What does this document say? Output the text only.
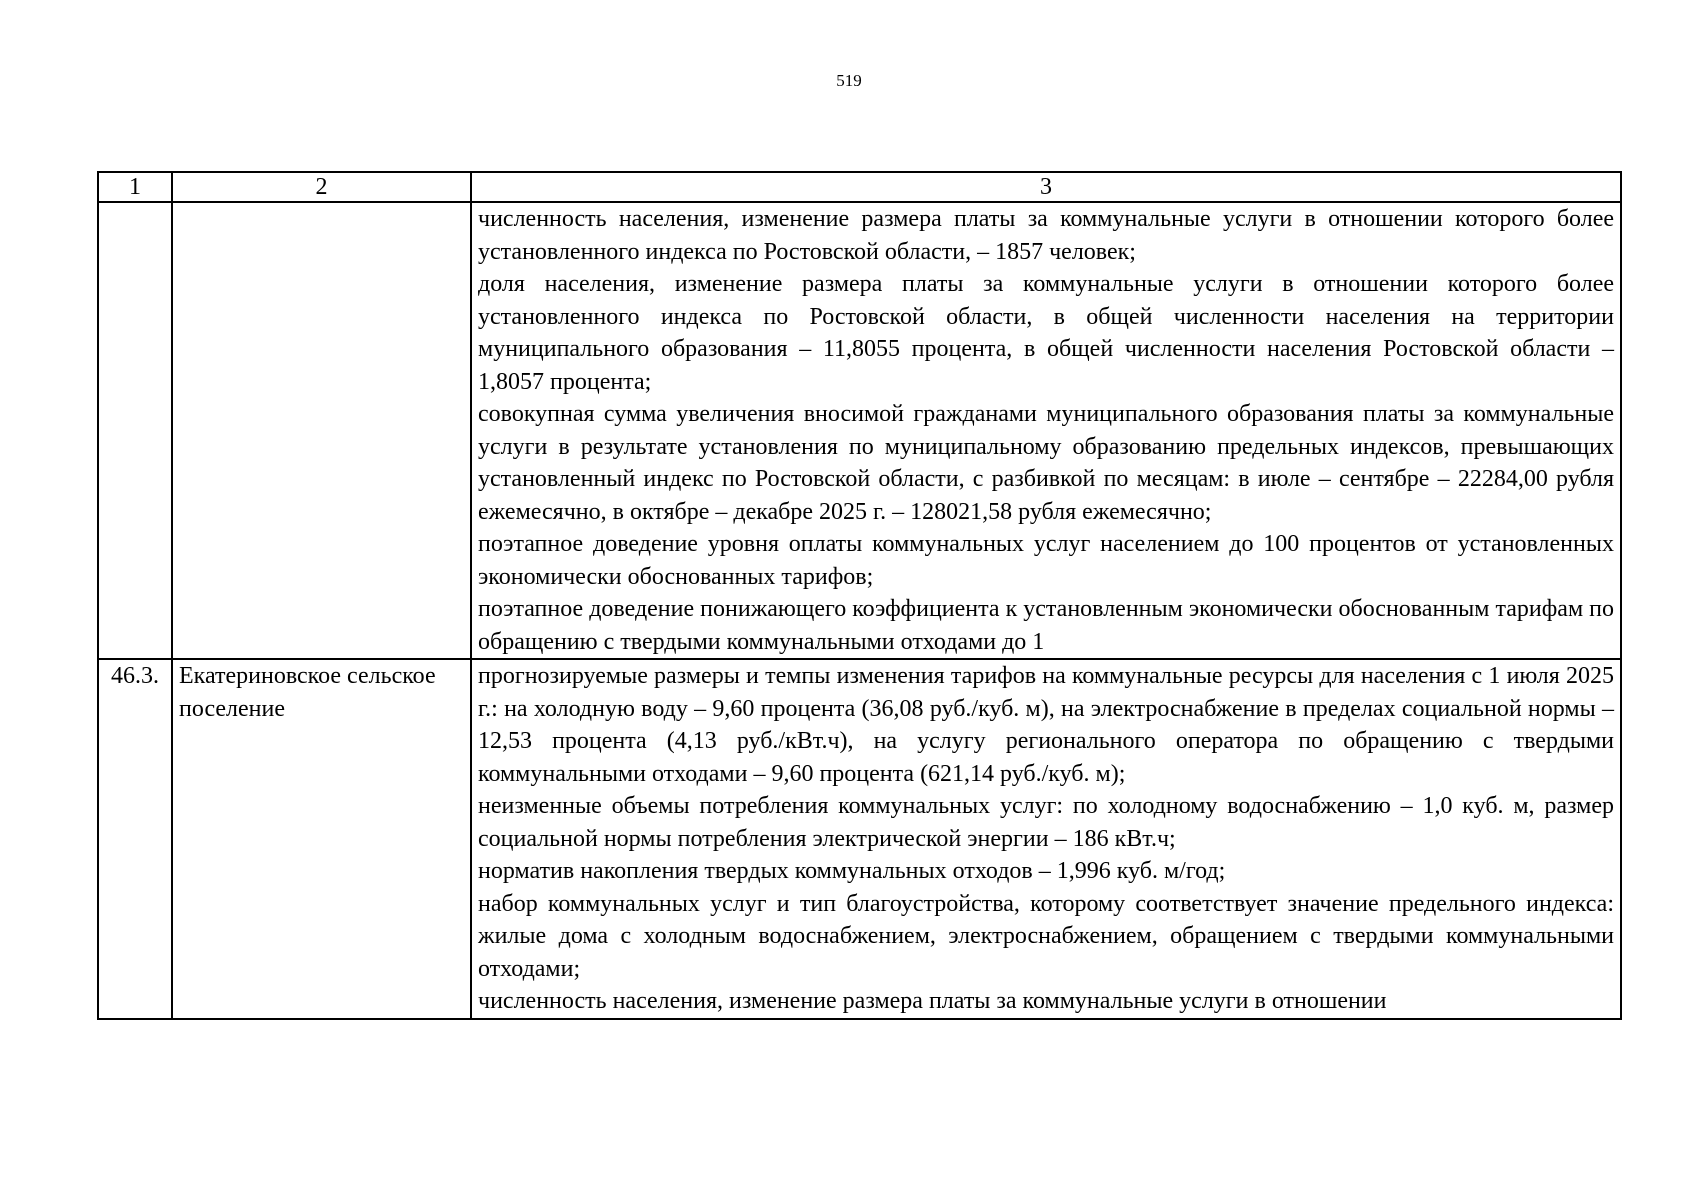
519
1	2	3

		численность населения, изменение размера платы за коммунальные услуги в отношении которого более установленного индекса по Ростовской области, – 1857 человек;
доля населения, изменение размера платы за коммунальные услуги в отношении которого более установленного индекса по Ростовской области, в общей численности населения на территории муниципального образования – 11,8055 процента, в общей численности населения Ростовской области – 1,8057 процента;
совокупная сумма увеличения вносимой гражданами муниципального образования платы за коммунальные услуги в результате установления по муниципальному образованию предельных индексов, превышающих установленный индекс по Ростовской области, с разбивкой по месяцам: в июле – сентябре – 22284,00 рубля ежемесячно, в октябре – декабре 2025 г. – 128021,58 рубля ежемесячно;
поэтапное доведение уровня оплаты коммунальных услуг населением до 100 процентов от установленных экономически обоснованных тарифов;
поэтапное доведение понижающего коэффициента к установленным экономически обоснованным тарифам по обращению с твердыми коммунальными отходами до 1

46.3.	Екатериновское сельское поселение	прогнозируемые размеры и темпы изменения тарифов на коммунальные ресурсы для населения с 1 июля 2025 г.: на холодную воду – 9,60 процента (36,08 руб./куб. м), на электроснабжение в пределах социальной нормы – 12,53 процента (4,13 руб./кВт.ч), на услугу регионального оператора по обращению с твердыми коммунальными отходами – 9,60 процента (621,14 руб./куб. м);
неизменные объемы потребления коммунальных услуг: по холодному водоснабжению – 1,0 куб. м, размер социальной нормы потребления электрической энергии – 186 кВт.ч;
норматив накопления твердых коммунальных отходов – 1,996 куб. м/год;
набор коммунальных услуг и тип благоустройства, которому соответствует значение предельного индекса: жилые дома с холодным водоснабжением, электроснабжением, обращением с твердыми коммунальными отходами;
численность населения, изменение размера платы за коммунальные услуги в отношении
